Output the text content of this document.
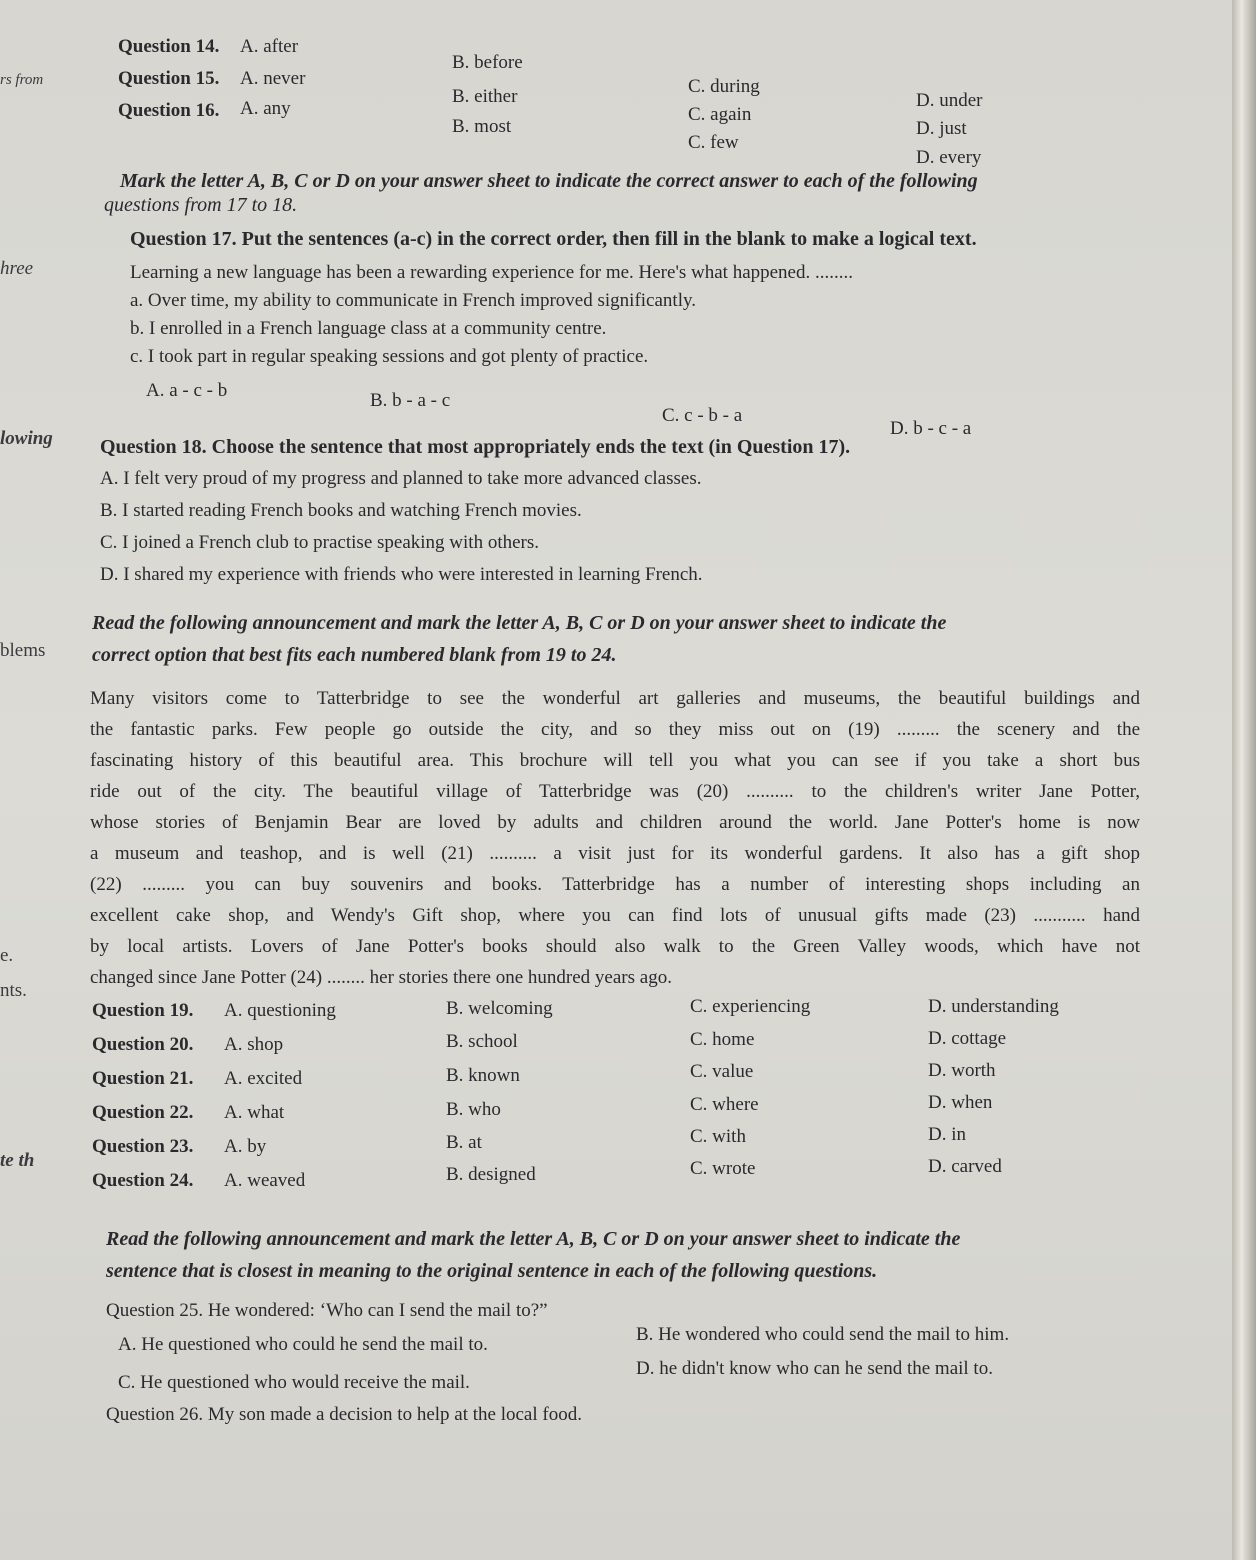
rs from
hree
lowing
blems
e.
nts.
te th
Question 14. A. after
B. before
C. during
D. under
Question 15. A. never
B. either
C. again
D. just
Question 16. A. any
B. most
C. few
D. every
Mark the letter A, B, C or D on your answer sheet to indicate the correct answer to each of the following
questions from 17 to 18.
Question 17. Put the sentences (a-c) in the correct order, then fill in the blank to make a logical text.
Learning a new language has been a rewarding experience for me. Here's what happened. ........
a. Over time, my ability to communicate in French improved significantly.
b. I enrolled in a French language class at a community centre.
c. I took part in regular speaking sessions and got plenty of practice.
A. a - c - b	B. b - a - c
C. c - b - a
D. b - c - a
Question 18. Choose the sentence that most appropriately ends the text (in Question 17).
A. I felt very proud of my progress and planned to take more advanced classes.
B. I started reading French books and watching French movies.
C. I joined a French club to practise speaking with others.
D. I shared my experience with friends who were interested in learning French.
Read the following announcement and mark the letter A, B, C or D on your answer sheet to indicate the
correct option that best fits each numbered blank from 19 to 24.
Many visitors come to Tatterbridge to see the wonderful art galleries and museums, the beautiful buildings and
the fantastic parks. Few people go outside the city, and so they miss out on (19) ......... the scenery and the
fascinating history of this beautiful area. This brochure will tell you what you can see if you take a short bus
ride out of the city. The beautiful village of Tatterbridge was (20) .......... to the children's writer Jane Potter,
whose stories of Benjamin Bear are loved by adults and children around the world. Jane Potter's home is now
a museum and teashop, and is well (21) .......... a visit just for its wonderful gardens. It also has a gift shop
(22) ......... you can buy souvenirs and books. Tatterbridge has a number of interesting shops including an
excellent cake shop, and Wendy's Gift shop, where you can find lots of unusual gifts made (23) ........... hand
by local artists. Lovers of Jane Potter's books should also walk to the Green Valley woods, which have not
changed since Jane Potter (24) ........ her stories there one hundred years ago.
Question 19. A. questioning	B. welcoming	C. experiencing	D. understanding
Question 20. A. shop	B. school	C. home	D. cottage
Question 21. A. excited	B. known	C. value	D. worth
Question 22. A. what	B. who	C. where	D. when
Question 23. A. by	B. at	C. with	D. in
Question 24. A. weaved	B. designed	C. wrote	D. carved
Read the following announcement and mark the letter A, B, C or D on your answer sheet to indicate the
sentence that is closest in meaning to the original sentence in each of the following questions.
Question 25. He wondered: ‘Who can I send the mail to?”
A. He questioned who could he send the mail to.	B. He wondered who could send the mail to him.
C. He questioned who would receive the mail.
D. he didn't know who can he send the mail to.
Question 26. My son made a decision to help at the local food.
